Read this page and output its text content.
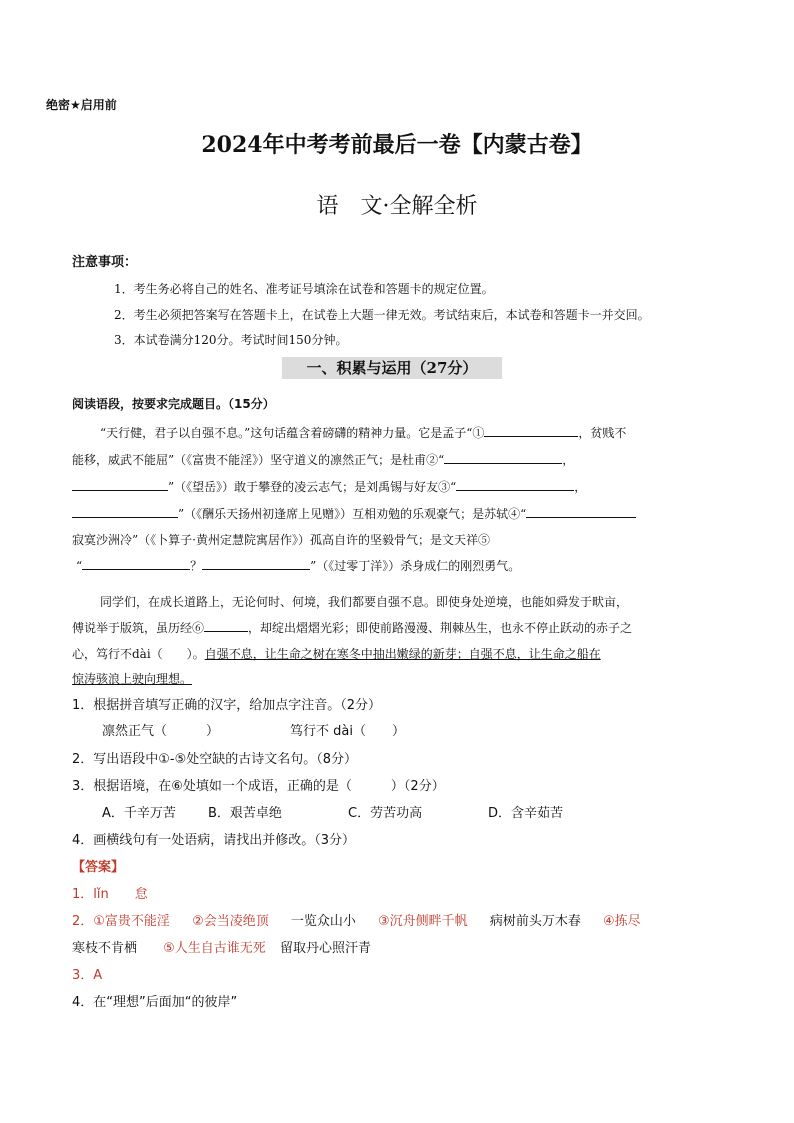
绝密★启用前
2024年中考考前最后一卷【内蒙古卷】
语　文·全解全析
注意事项：
1．考生务必将自己的姓名、准考证号填涂在试卷和答题卡的规定位置。
2．考生必须把答案写在答题卡上，在试卷上大题一律无效。考试结束后，本试卷和答题卡一并交回。
3．本试卷满分120分。考试时间150分钟。
一、积累与运用（27分）
阅读语段，按要求完成题目。（15分）
“天行健，君子以自强不息。”这句话蕴含着磅礴的精神力量。它是孟子“①	，贫贱不
能移，威武不能屈”（《富贵不能淫》）坚守道义的凛然正气；是杜甫②“	，
”（《望岳》）敢于攀登的凌云志气；是刘禹锡与好友③“	，
”（《酬乐天扬州初逢席上见赠》）互相劝勉的乐观豪气；是苏轼④“
寂寞沙洲冷”（《卜算子·黄州定慧院寓居作》）孤高自许的坚毅骨气；是文天祥⑤
“	？	”（《过零丁洋》）杀身成仁的刚烈勇气。
同学们，在成长道路上，无论何时、何境，我们都要自强不息。即使身处逆境，也能如舜发于畎亩，
傅说举于版筑，虽历经⑥	，却绽出熠熠光彩；即使前路漫漫、荆棘丛生，也永不停止跃动的赤子之
心，笃行不dài（　　）。自强不息，让生命之树在寒冬中抽出嫩绿的新芽；自强不息，让生命之船在
惊涛骇浪上驶向理想。
1．根据拼音填写正确的汉字，给加点字注音。（2分）
凛然正气（　　　）	笃行不 dài（　　）
2．写出语段中①-⑤处空缺的古诗文名句。（8分）
3．根据语境，在⑥处填如一个成语，正确的是（　　　）（2分）
A．千辛万苦 B．艰苦卓绝	C．劳苦功高	D．含辛茹苦
4．画横线句有一处语病，请找出并修改。（3分）
【答案】
1．lǐn　　怠
2．①富贵不能淫 ②会当凌绝顶 一览众山小 ③沉舟侧畔千帆 病树前头万木春 ④拣尽
寒枝不肯栖 ⑤人生自古谁无死 留取丹心照汗青
3．A
4．在“理想”后面加“的彼岸”
